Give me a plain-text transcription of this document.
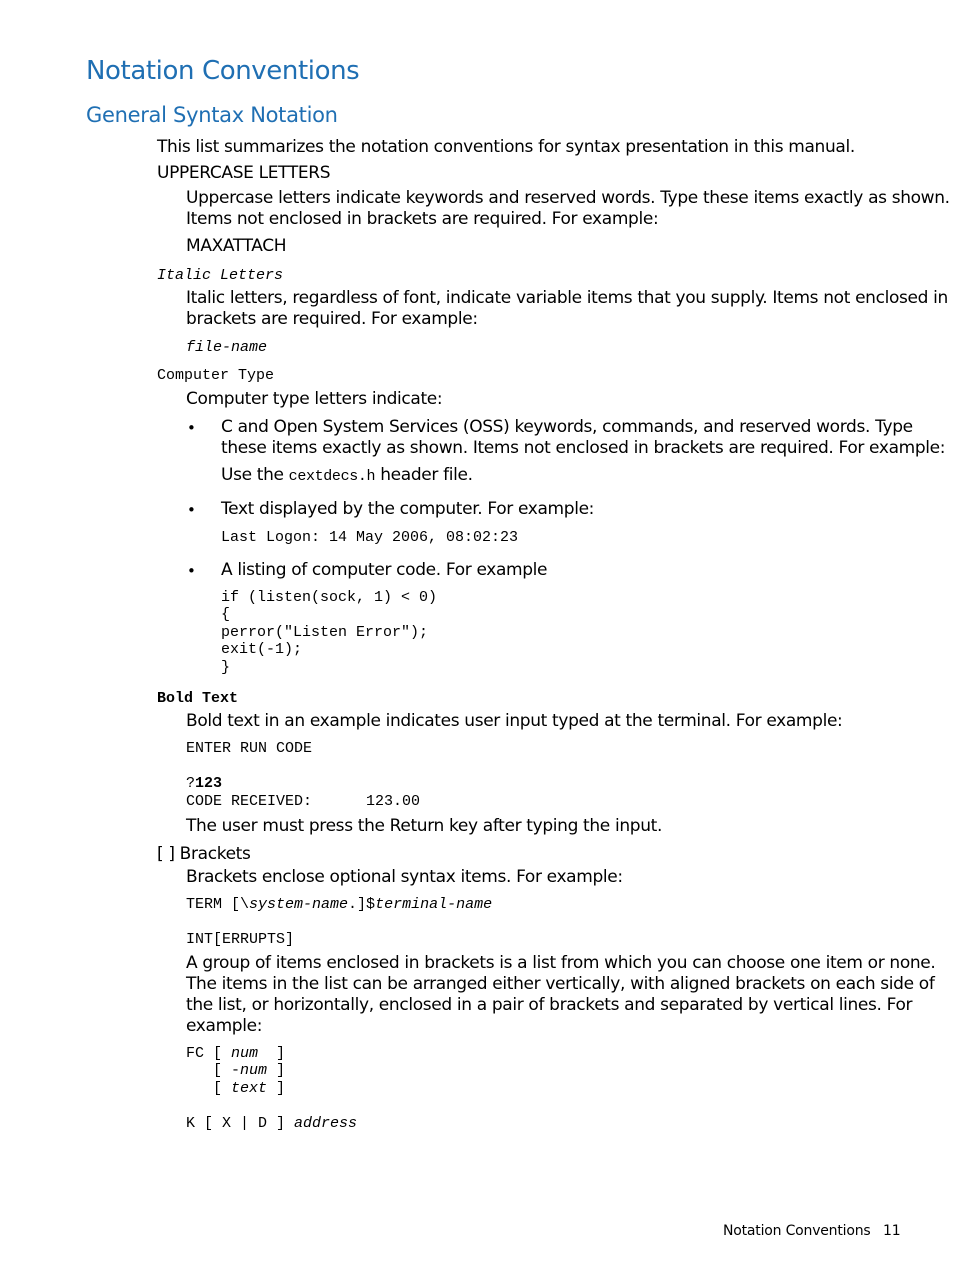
Notation Conventions
General Syntax Notation
This list summarizes the notation conventions for syntax presentation in this manual.
UPPERCASE LETTERS
Uppercase letters indicate keywords and reserved words. Type these items exactly as shown.
Items not enclosed in brackets are required. For example:
MAXATTACH
Italic Letters
Italic letters, regardless of font, indicate variable items that you supply. Items not enclosed in
brackets are required. For example:
file-name
Computer Type
Computer type letters indicate:
• C and Open System Services (OSS) keywords, commands, and reserved words. Type
these items exactly as shown. Items not enclosed in brackets are required. For example:
Use the cextdecs.h header file.
• Text displayed by the computer. For example:
Last Logon: 14 May 2006, 08:02:23
• A listing of computer code. For example
if (listen(sock, 1) < 0)
{
perror("Listen Error");
exit(-1);
}
Bold Text
Bold text in an example indicates user input typed at the terminal. For example:
ENTER RUN CODE
?123
CODE RECEIVED:      123.00
The user must press the Return key after typing the input.
[ ] Brackets
Brackets enclose optional syntax items. For example:
TERM [\system-name.]$terminal-name
INT[ERRUPTS]
A group of items enclosed in brackets is a list from which you can choose one item or none.
The items in the list can be arranged either vertically, with aligned brackets on each side of
the list, or horizontally, enclosed in a pair of brackets and separated by vertical lines. For
example:
FC [ num  ]
[ -num ]
[ text ]
K [ X | D ] address
Notation Conventions 11
